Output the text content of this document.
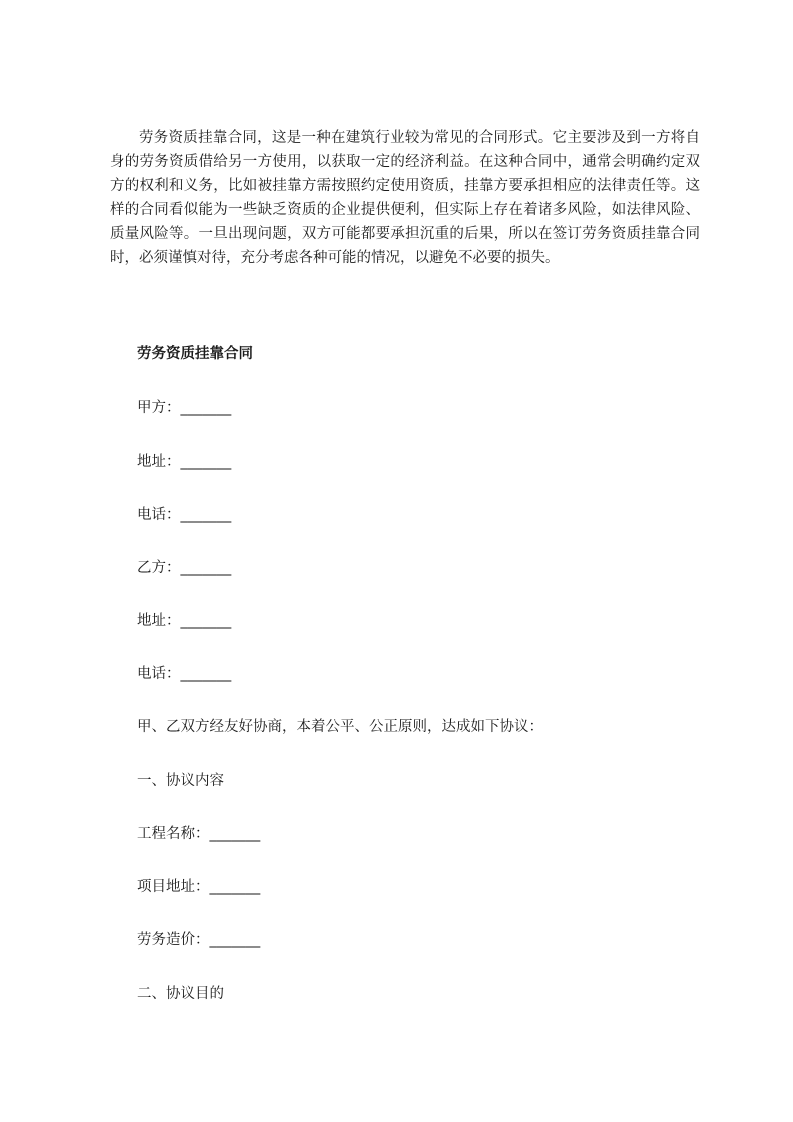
劳务资质挂靠合同，这是一种在建筑行业较为常见的合同形式。它主要涉及到一方将自身的劳务资质借给另一方使用，以获取一定的经济利益。在这种合同中，通常会明确约定双方的权利和义务，比如被挂靠方需按照约定使用资质，挂靠方要承担相应的法律责任等。这样的合同看似能为一些缺乏资质的企业提供便利，但实际上存在着诸多风险，如法律风险、质量风险等。一旦出现问题，双方可能都要承担沉重的后果，所以在签订劳务资质挂靠合同时，必须谨慎对待，充分考虑各种可能的情况，以避免不必要的损失。

劳务资质挂靠合同

甲方：_______

地址：_______

电话：_______

乙方：_______

地址：_______

电话：_______

甲、乙双方经友好协商，本着公平、公正原则，达成如下协议：

一、协议内容

工程名称：_______

项目地址：_______

劳务造价：_______

二、协议目的
